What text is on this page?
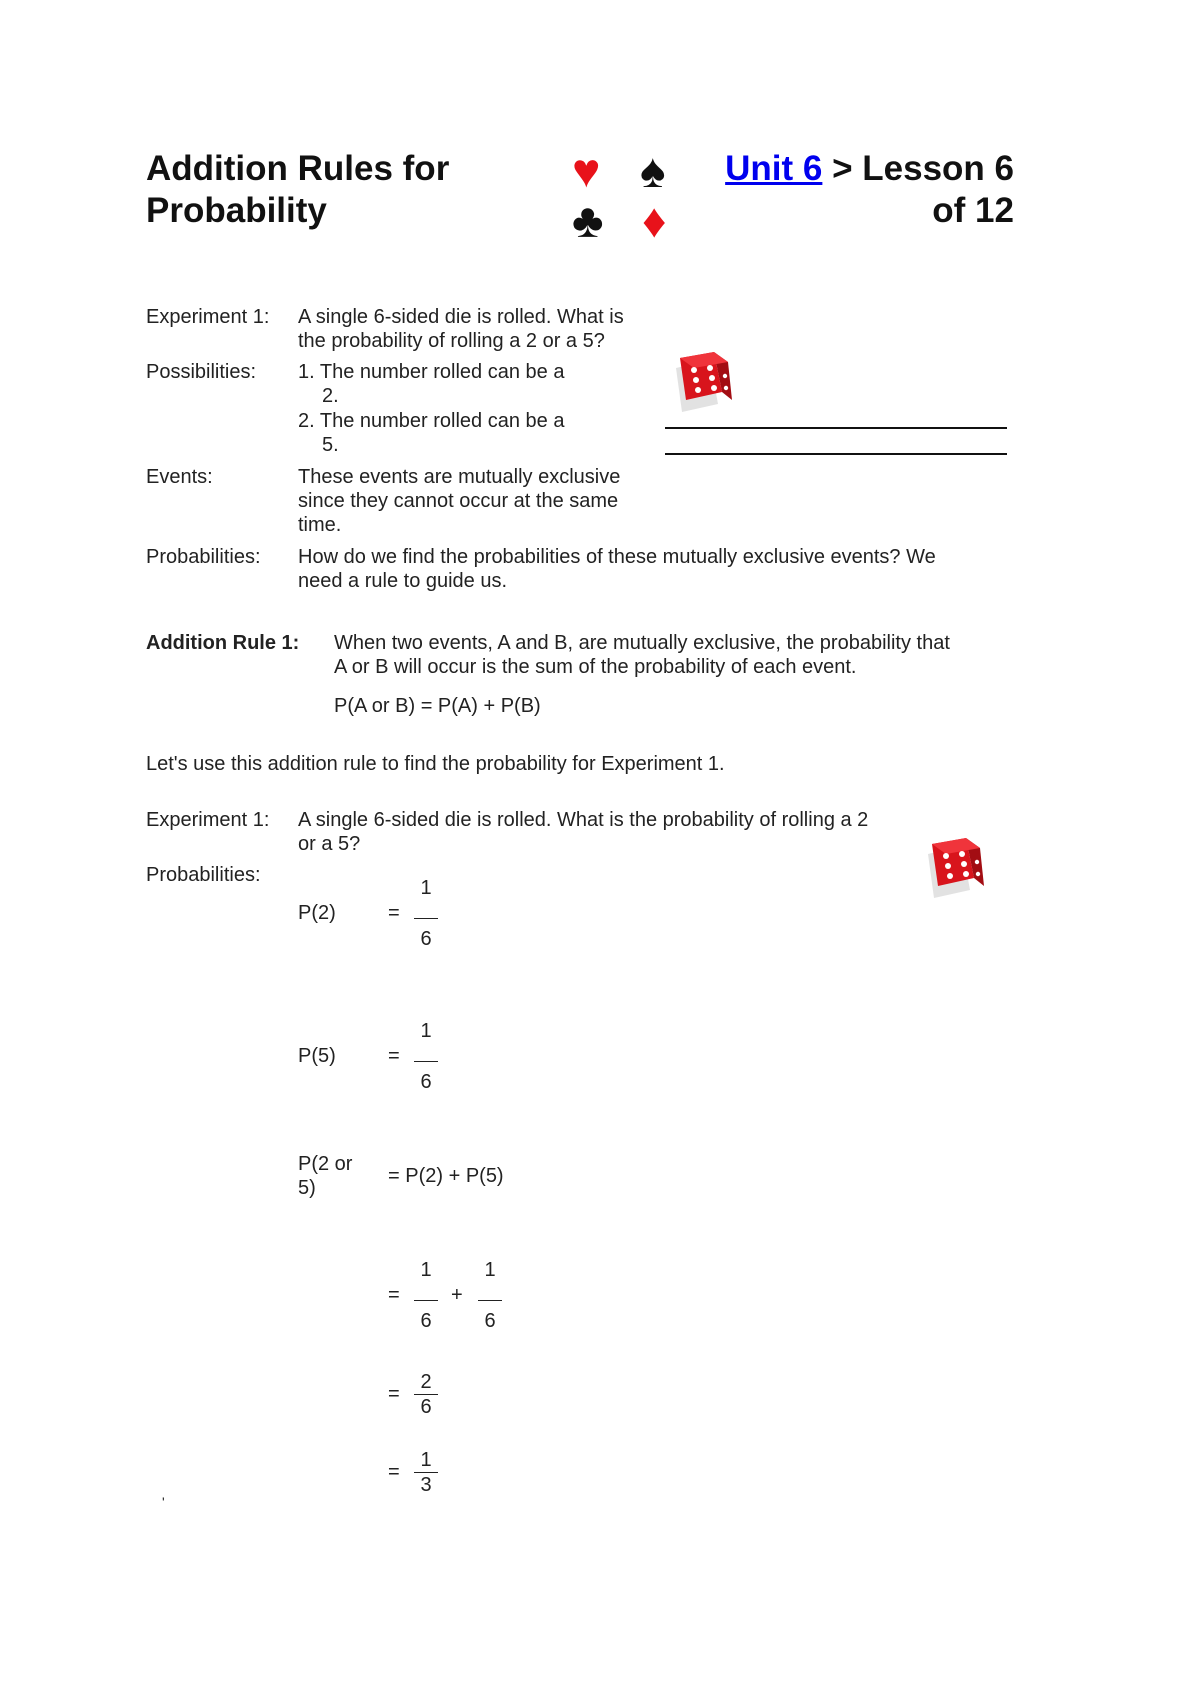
Addition Rules for
Probability
♥ ♠
♣ ♦
Unit 6 > Lesson 6
of 12
Experiment 1: A single 6-sided die is rolled. What is
the probability of rolling a 2 or a 5?
Possibilities: 1. The number rolled can be a
2.
2. The number rolled can be a
5.
Events:	These events are mutually exclusive
since they cannot occur at the same
time.
Probabilities: How do we find the probabilities of these mutually exclusive events? We
need a rule to guide us.
Addition Rule 1: When two events, A and B, are mutually exclusive, the probability that
A or B will occur is the sum of the probability of each event.
P(A or B) = P(A) + P(B)
Let's use this addition rule to find the probability for Experiment 1.
Experiment 1: A single 6-sided die is rolled. What is the probability of rolling a 2
or a 5?
Probabilities:
P(2)	= $\frac{1}{6}$
P(5)	= $\frac{1}{6}$
P(2 or
5)
= P(2) + P(5)
= $\frac{1}{6} + \frac{1}{6}$
= $\frac{2}{6}$
= $\frac{1}{3}$
'
